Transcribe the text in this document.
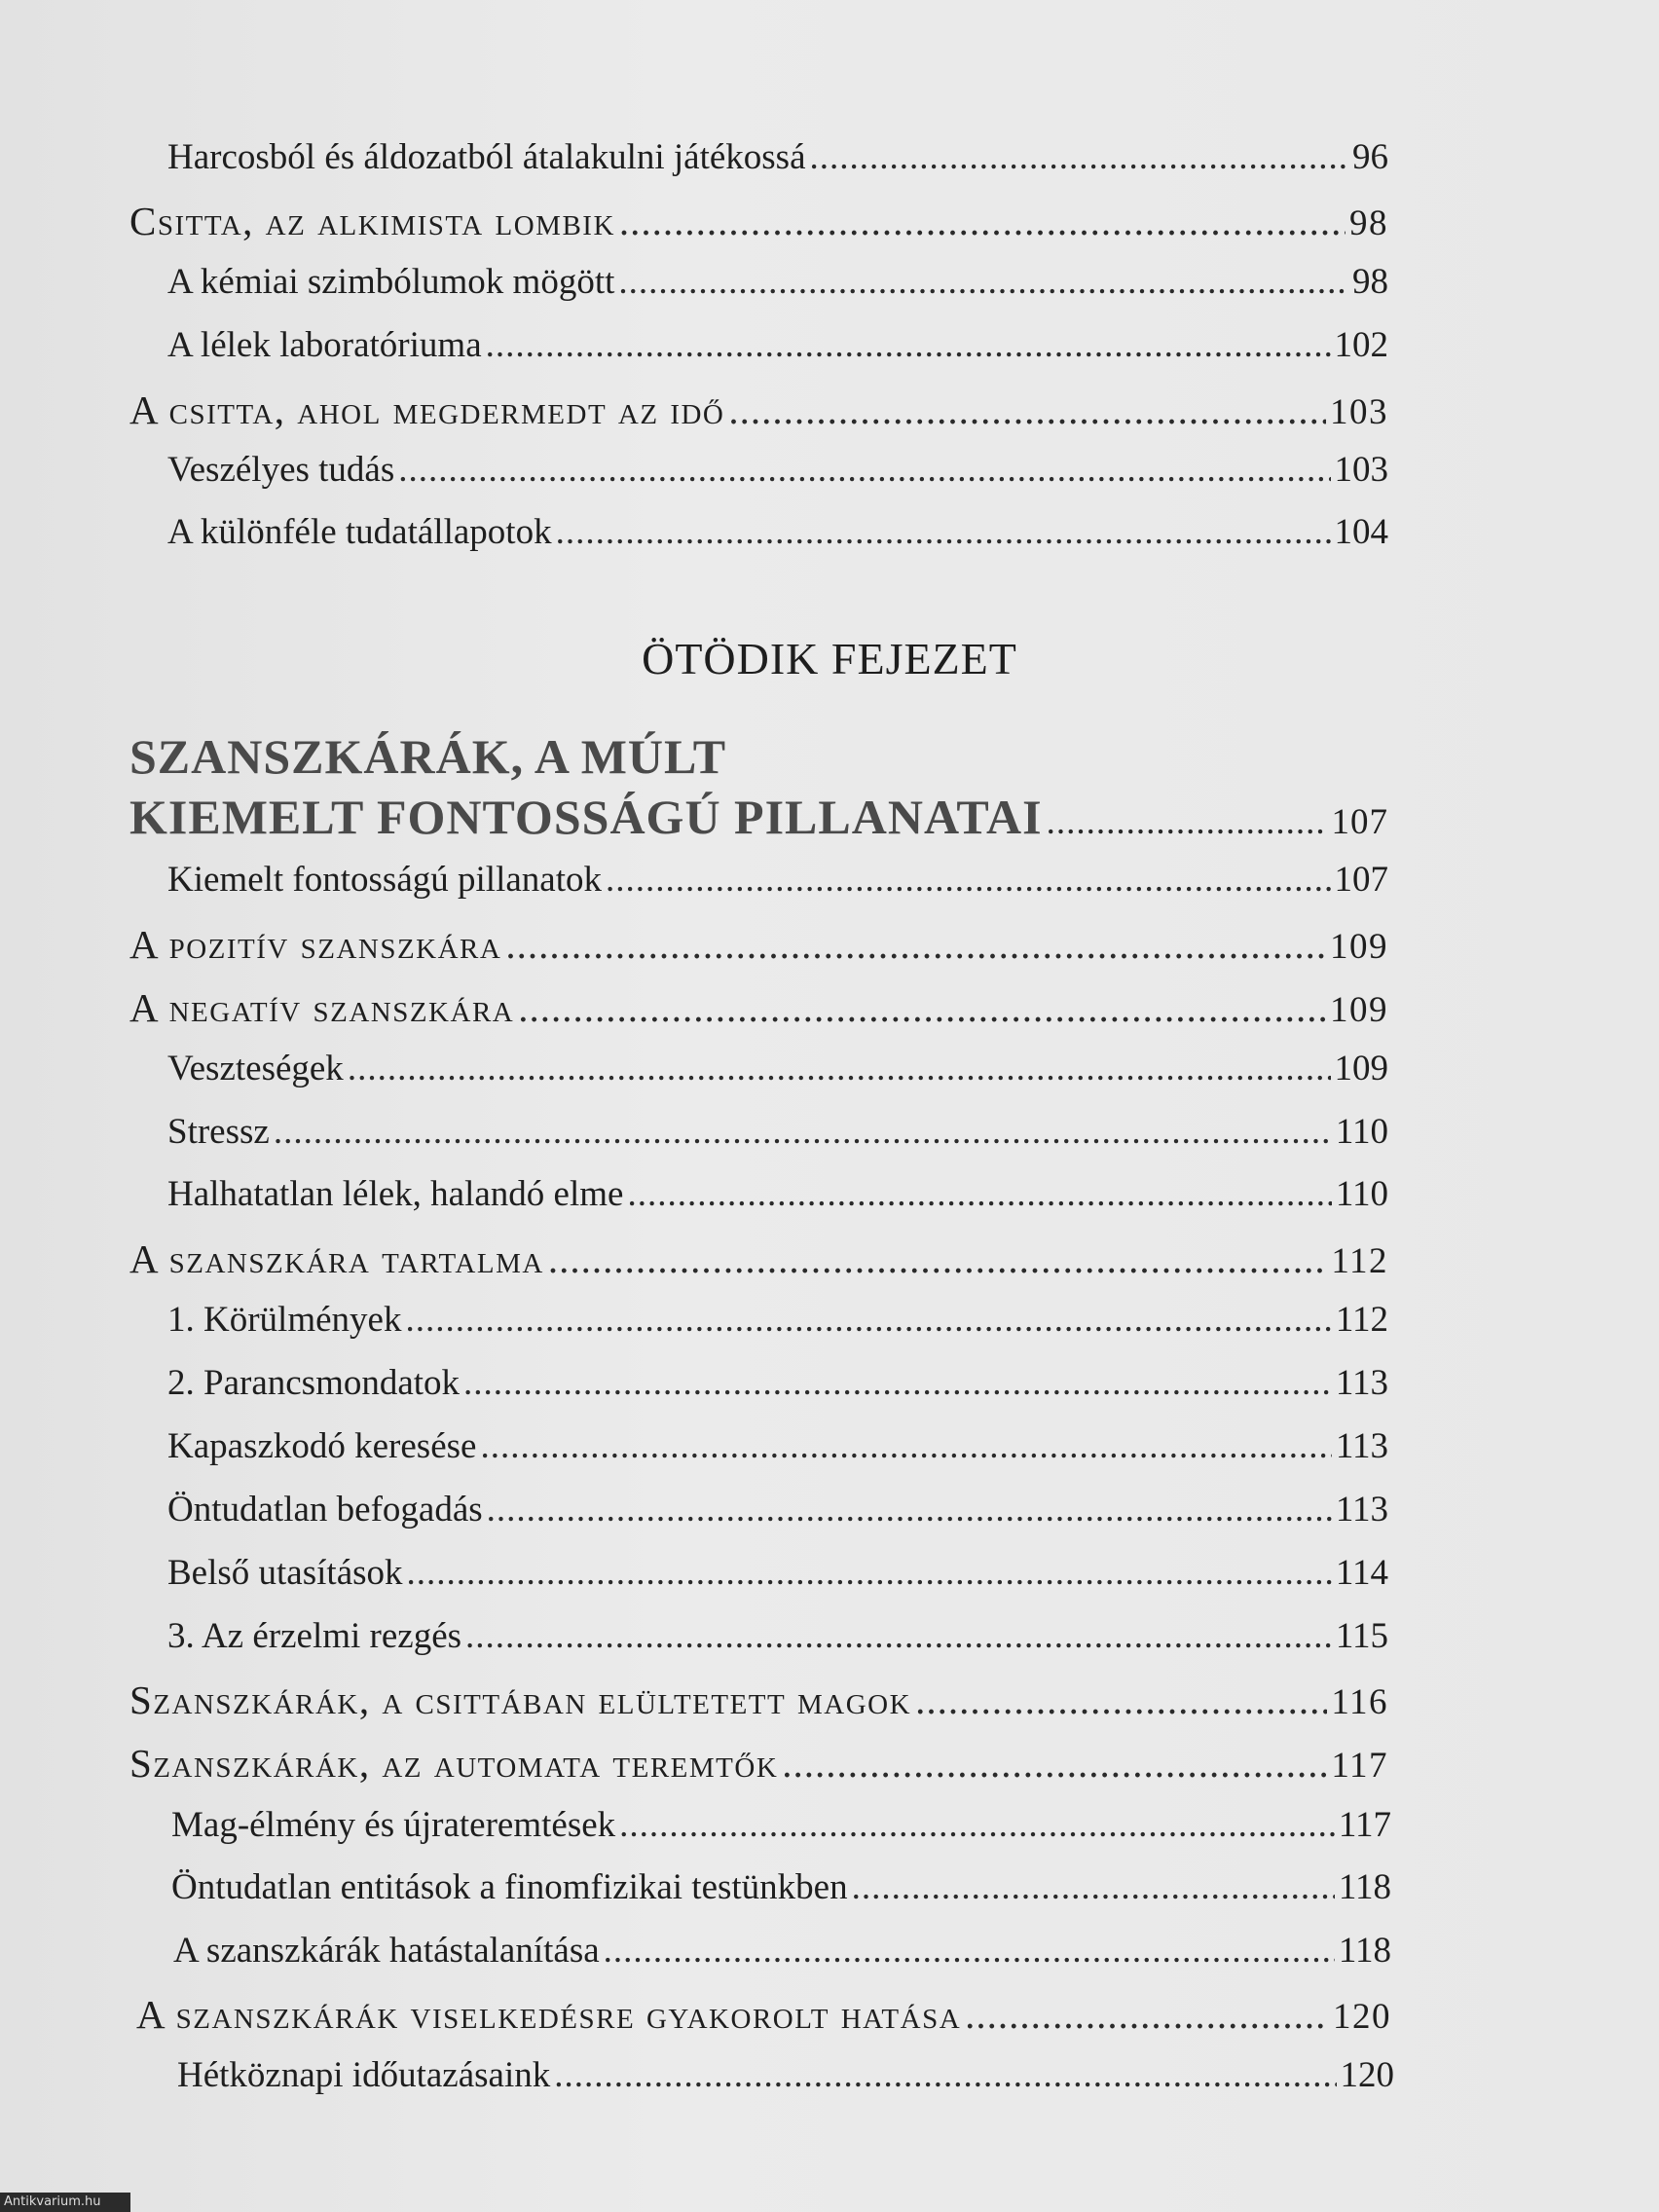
Harcosból és áldozatból átalakulni játékossá .....	96
Csitta, az alkimista lombik .....	98
A kémiai szimbólumok mögött .....	98
A lélek laboratóriuma .....	102
A csitta, ahol megdermedt az idő .....	103
Veszélyes tudás .....	103
A különféle tudatállapotok .....	104
ÖTÖDIK FEJEZET
SZANSZKÁRÁK, A MÚLT
KIEMELT FONTOSSÁGÚ PILLANATAI .....	107
Kiemelt fontosságú pillanatok .....	107
A pozitív szanszkára .....	109
A negatív szanszkára .....	109
Veszteségek .....	109
Stressz .....	110
Halhatatlan lélek, halandó elme .....	110
A szanszkára tartalma .....	112
1. Körülmények .....	112
2. Parancsmondatok .....	113
Kapaszkodó keresése .....	113
Öntudatlan befogadás .....	113
Belső utasítások .....	114
3. Az érzelmi rezgés .....	115
Szanszkárák, a csittában elültetett magok .....	116
Szanszkárák, az automata teremtők .....	117
Mag-élmény és újrateremtések .....	117
Öntudatlan entitások a finomfizikai testünkben .....	118
A szanszkárák hatástalanítása .....	118
A szanszkárák viselkedésre gyakorolt hatása .....	120
Hétköznapi időutazásaink .....	120
Antikvarium.hu
